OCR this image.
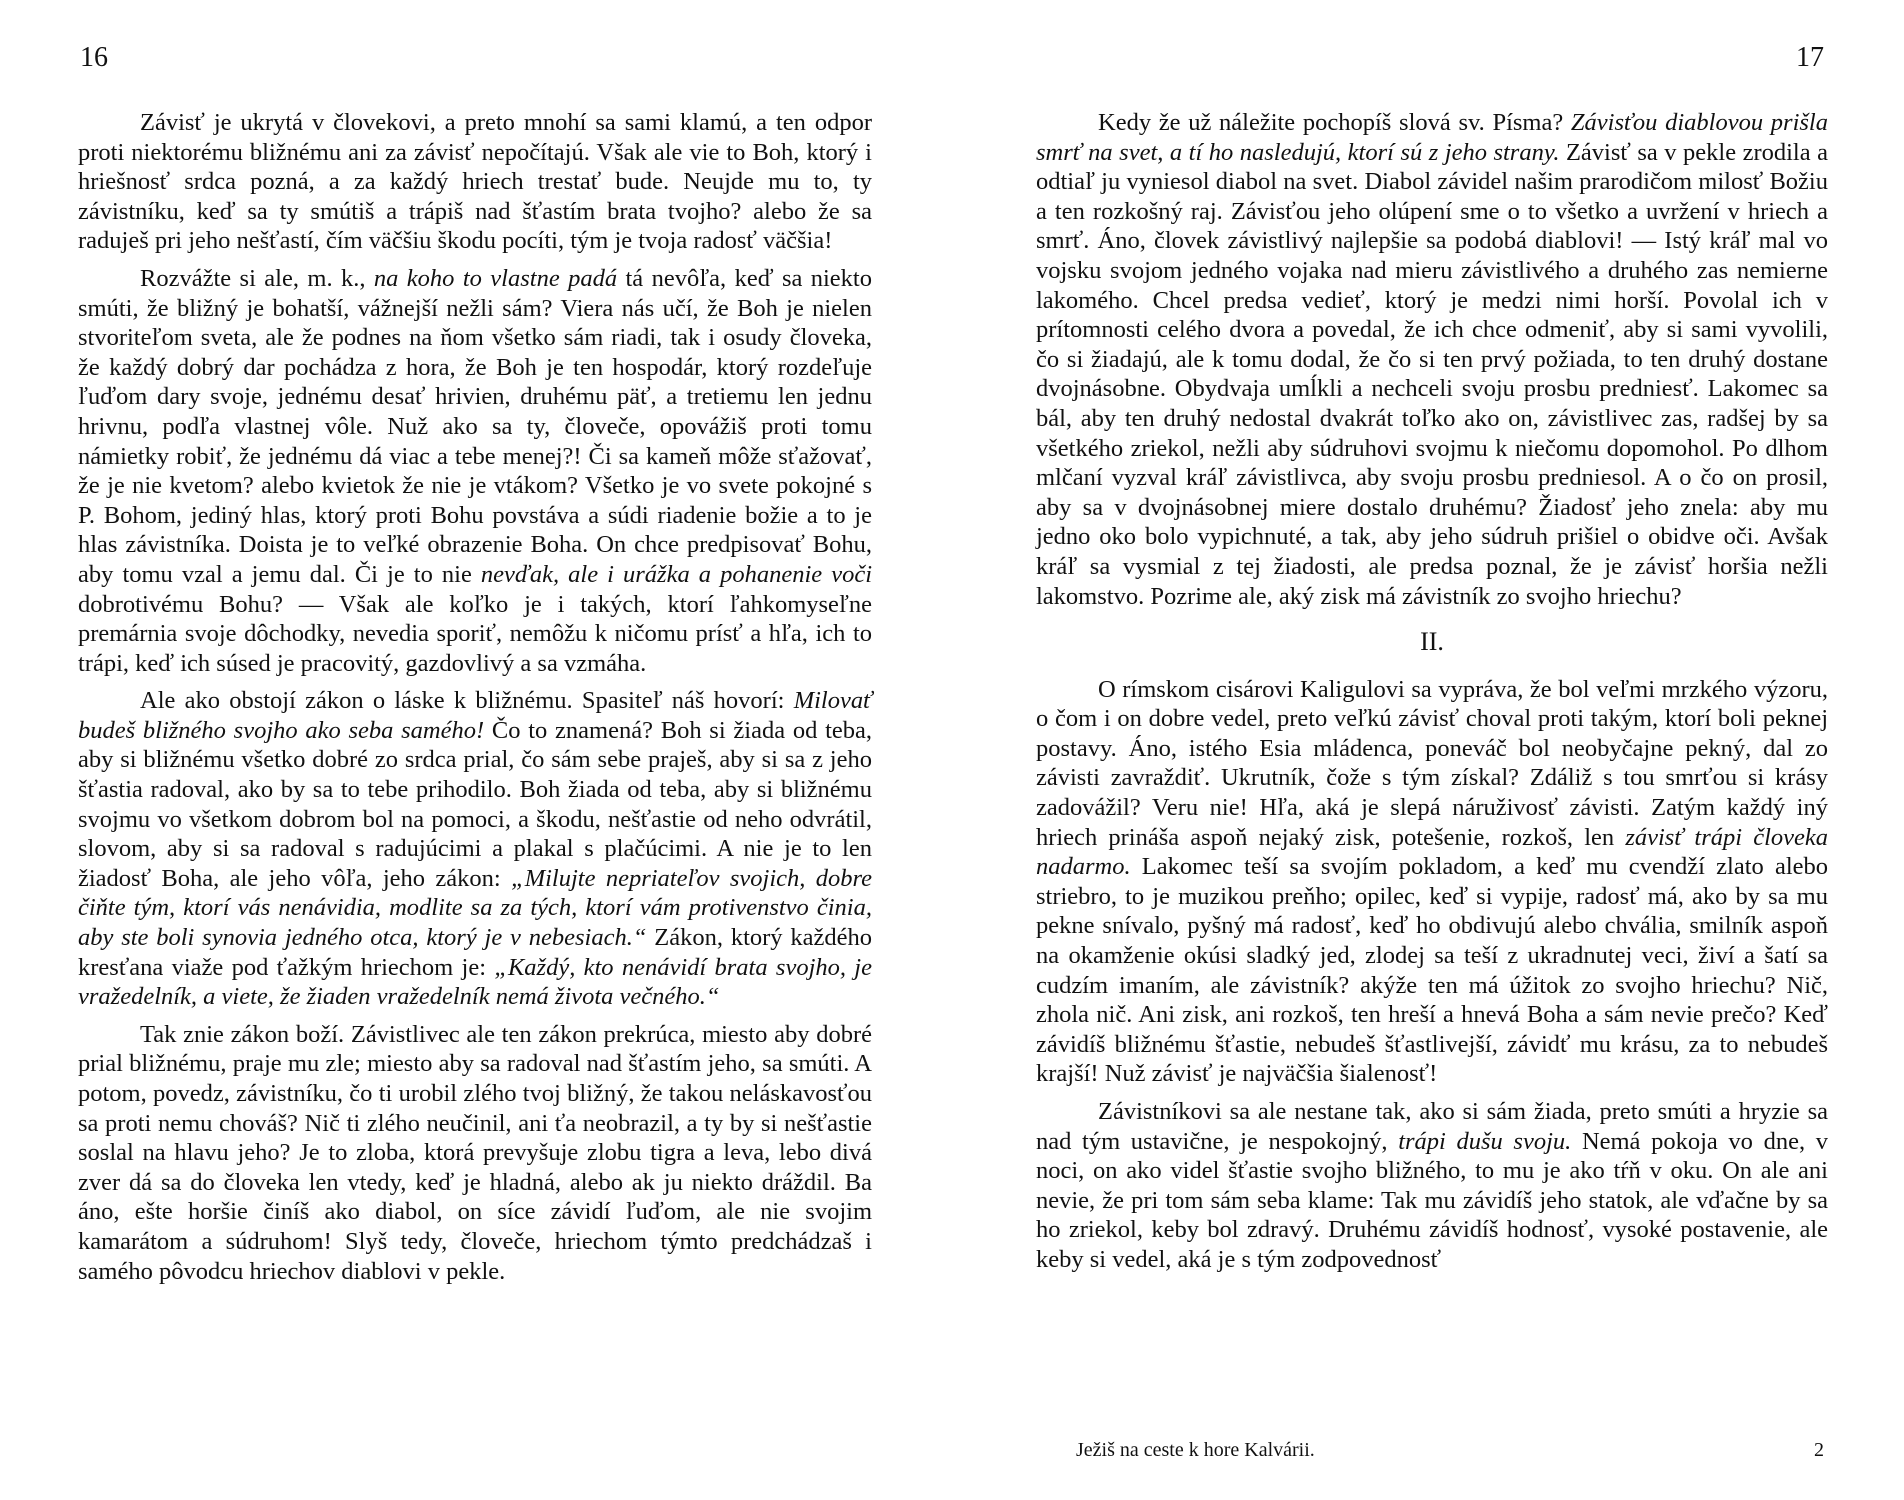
16

Závisť je ukrytá v človekovi, a preto mnohí sa sami klamú, a ten odpor proti niektorému bližnému ani za závisť nepočítajú. Však ale vie to Boh, ktorý i hriešnosť srdca pozná, a za každý hriech trestať bude. Neujde mu to, ty závistníku, keď sa ty smútiš a trápiš nad šťastím brata tvojho? alebo že sa raduješ pri jeho nešťastí, čím väčšiu škodu pocíti, tým je tvoja radosť väčšia!

Rozvážte si ale, m. k., na koho to vlastne padá tá nevôľa, keď sa niekto smúti, že bližný je bohatší, vážnejší nežli sám? Viera nás učí, že Boh je nielen stvoriteľom sveta, ale že podnes na ňom všetko sám riadi, tak i osudy človeka, že každý dobrý dar pochádza z hora, že Boh je ten hospodár, ktorý rozdeľuje ľuďom dary svoje, jednému desať hrivien, druhému päť, a tretiemu len jednu hrivnu, podľa vlastnej vôle. Nuž ako sa ty, človeče, opovážiš proti tomu námietky robiť, že jednému dá viac a tebe menej?! Či sa kameň môže sťažovať, že je nie kvetom? alebo kvietok že nie je vtákom? Všetko je vo svete pokojné s P. Bohom, jediný hlas, ktorý proti Bohu povstáva a súdi riadenie božie a to je hlas závistníka. Doista je to veľké obrazenie Boha. On chce predpisovať Bohu, aby tomu vzal a jemu dal. Či je to nie nevďak, ale i urážka a pohanenie voči dobrotivému Bohu? — Však ale koľko je i takých, ktorí ľahkomyseľne premárnia svoje dôchodky, nevedia sporiť, nemôžu k ničomu prísť a hľa, ich to trápi, keď ich súsed je pracovitý, gazdovlivý a sa vzmáha.

Ale ako obstojí zákon o láske k bližnému. Spasiteľ náš hovorí: Milovať budeš bližného svojho ako seba samého! Čo to znamená? Boh si žiada od teba, aby si bližnému všetko dobré zo srdca prial, čo sám sebe praješ, aby si sa z jeho šťastia radoval, ako by sa to tebe prihodilo. Boh žiada od teba, aby si bližnému svojmu vo všetkom dobrom bol na pomoci, a škodu, nešťastie od neho odvrátil, slovom, aby si sa radoval s radujúcimi a plakal s plačúcimi. A nie je to len žiadosť Boha, ale jeho vôľa, jeho zákon: „Milujte nepriateľov svojich, dobre čiňte tým, ktorí vás nenávidia, modlite sa za tých, ktorí vám protivenstvo činia, aby ste boli synovia jedného otca, ktorý je v nebesiach.“ Zákon, ktorý každého kresťana viaže pod ťažkým hriechom je: „Každý, kto nenávidí brata svojho, je vražedelník, a viete, že žiaden vražedelník nemá života večného.“

Tak znie zákon boží. Závistlivec ale ten zákon prekrúca, miesto aby dobré prial bližnému, praje mu zle; miesto aby sa radoval nad šťastím jeho, sa smúti. A potom, povedz, závistníku, čo ti urobil zlého tvoj bližný, že takou neláskavosťou sa proti nemu chováš? Nič ti zlého neučinil, ani ťa neobrazil, a ty by si nešťastie soslal na hlavu jeho? Je to zloba, ktorá prevyšuje zlobu tigra a leva, lebo divá zver dá sa do človeka len vtedy, keď je hladná, alebo ak ju niekto dráždil. Ba áno, ešte horšie činíš ako diabol, on síce závidí ľuďom, ale nie svojim kamarátom a súdruhom! Slyš tedy, človeče, hriechom týmto predchádzaš i samého pôvodcu hriechov diablovi v pekle.

17

Kedy že už náležite pochopíš slová sv. Písma? Závisťou diablovou prišla smrť na svet, a tí ho nasledujú, ktorí sú z jeho strany. Závisť sa v pekle zrodila a odtiaľ ju vyniesol diabol na svet. Diabol závidel našim prarodičom milosť Božiu a ten rozkošný raj. Závisťou jeho olúpení sme o to všetko a uvržení v hriech a smrť. Áno, človek závistlivý najlepšie sa podobá diablovi! — Istý kráľ mal vo vojsku svojom jedného vojaka nad mieru závistlivého a druhého zas nemierne lakomého. Chcel predsa vedieť, ktorý je medzi nimi horší. Povolal ich v prítomnosti celého dvora a povedal, že ich chce odmeniť, aby si sami vyvolili, čo si žiadajú, ale k tomu dodal, že čo si ten prvý požiada, to ten druhý dostane dvojnásobne. Obydvaja umĺkli a nechceli svoju prosbu predniesť. Lakomec sa bál, aby ten druhý nedostal dvakrát toľko ako on, závistlivec zas, radšej by sa všetkého zriekol, nežli aby súdruhovi svojmu k niečomu dopomohol. Po dlhom mlčaní vyzval kráľ závistlivca, aby svoju prosbu predniesol. A o čo on prosil, aby sa v dvojnásobnej miere dostalo druhému? Žiadosť jeho znela: aby mu jedno oko bolo vypichnuté, a tak, aby jeho súdruh prišiel o obidve oči. Avšak kráľ sa vysmial z tej žiadosti, ale predsa poznal, že je závisť horšia nežli lakomstvo. Pozrime ale, aký zisk má závistník zo svojho hriechu?

II.

O rímskom cisárovi Kaligulovi sa vypráva, že bol veľmi mrzkého výzoru, o čom i on dobre vedel, preto veľkú závisť choval proti takým, ktorí boli peknej postavy. Áno, istého Esia mládenca, poneváč bol neobyčajne pekný, dal zo závisti zavraždiť. Ukrutník, čože s tým získal? Zdáliž s tou smrťou si krásy zadovážil? Veru nie! Hľa, aká je slepá náruživosť závisti. Zatým každý iný hriech prináša aspoň nejaký zisk, potešenie, rozkoš, len závisť trápi človeka nadarmo. Lakomec teší sa svojím pokladom, a keď mu cvendží zlato alebo striebro, to je muzikou preňho; opilec, keď si vypije, radosť má, ako by sa mu pekne snívalo, pyšný má radosť, keď ho obdivujú alebo chvália, smilník aspoň na okamženie okúsi sladký jed, zlodej sa teší z ukradnutej veci, živí a šatí sa cudzím imaním, ale závistník? akýže ten má úžitok zo svojho hriechu? Nič, zhola nič. Ani zisk, ani rozkoš, ten hreší a hnevá Boha a sám nevie prečo? Keď závidíš bližnému šťastie, nebudeš šťastlivejší, závidť mu krásu, za to nebudeš krajší! Nuž závisť je najväčšia šialenosť!

Závistníkovi sa ale nestane tak, ako si sám žiada, preto smúti a hryzie sa nad tým ustavične, je nespokojný, trápi dušu svoju. Nemá pokoja vo dne, v noci, on ako videl šťastie svojho bližného, to mu je ako tŕň v oku. On ale ani nevie, že pri tom sám seba klame: Tak mu závidíš jeho statok, ale vďačne by sa ho zriekol, keby bol zdravý. Druhému závidíš hodnosť, vysoké postavenie, ale keby si vedel, aká je s tým zodpovednosť

Ježiš na ceste k hore Kalvárii.	2
